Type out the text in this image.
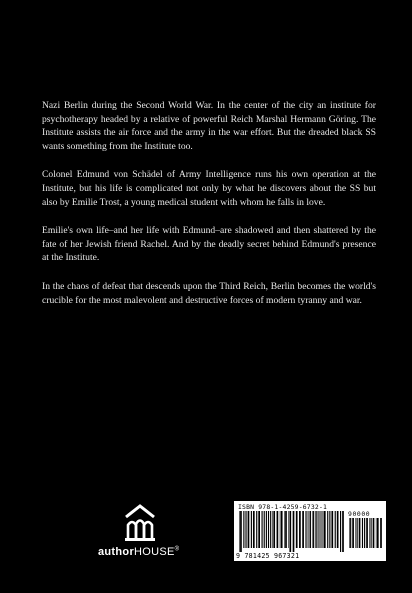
Nazi Berlin during the Second World War. In the center of the city an institute for psychotherapy headed by a relative of powerful Reich Marshal Hermann Göring. The Institute assists the air force and the army in the war effort. But the dreaded black SS wants something from the Institute too.

Colonel Edmund von Schädel of Army Intelligence runs his own operation at the Institute, but his life is complicated not only by what he discovers about the SS but also by Emilie Trost, a young medical student with whom he falls in love.

Emilie's own life–and her life with Edmund–are shadowed and then shattered by the fate of her Jewish friend Rachel. And by the deadly secret behind Edmund's presence at the Institute.

In the chaos of defeat that descends upon the Third Reich, Berlin becomes the world's crucible for the most malevolent and destructive forces of modern tyranny and war.

authorHOUSE®
ISBN 978-1-4259-6732-1
90000
9 781425 967321
